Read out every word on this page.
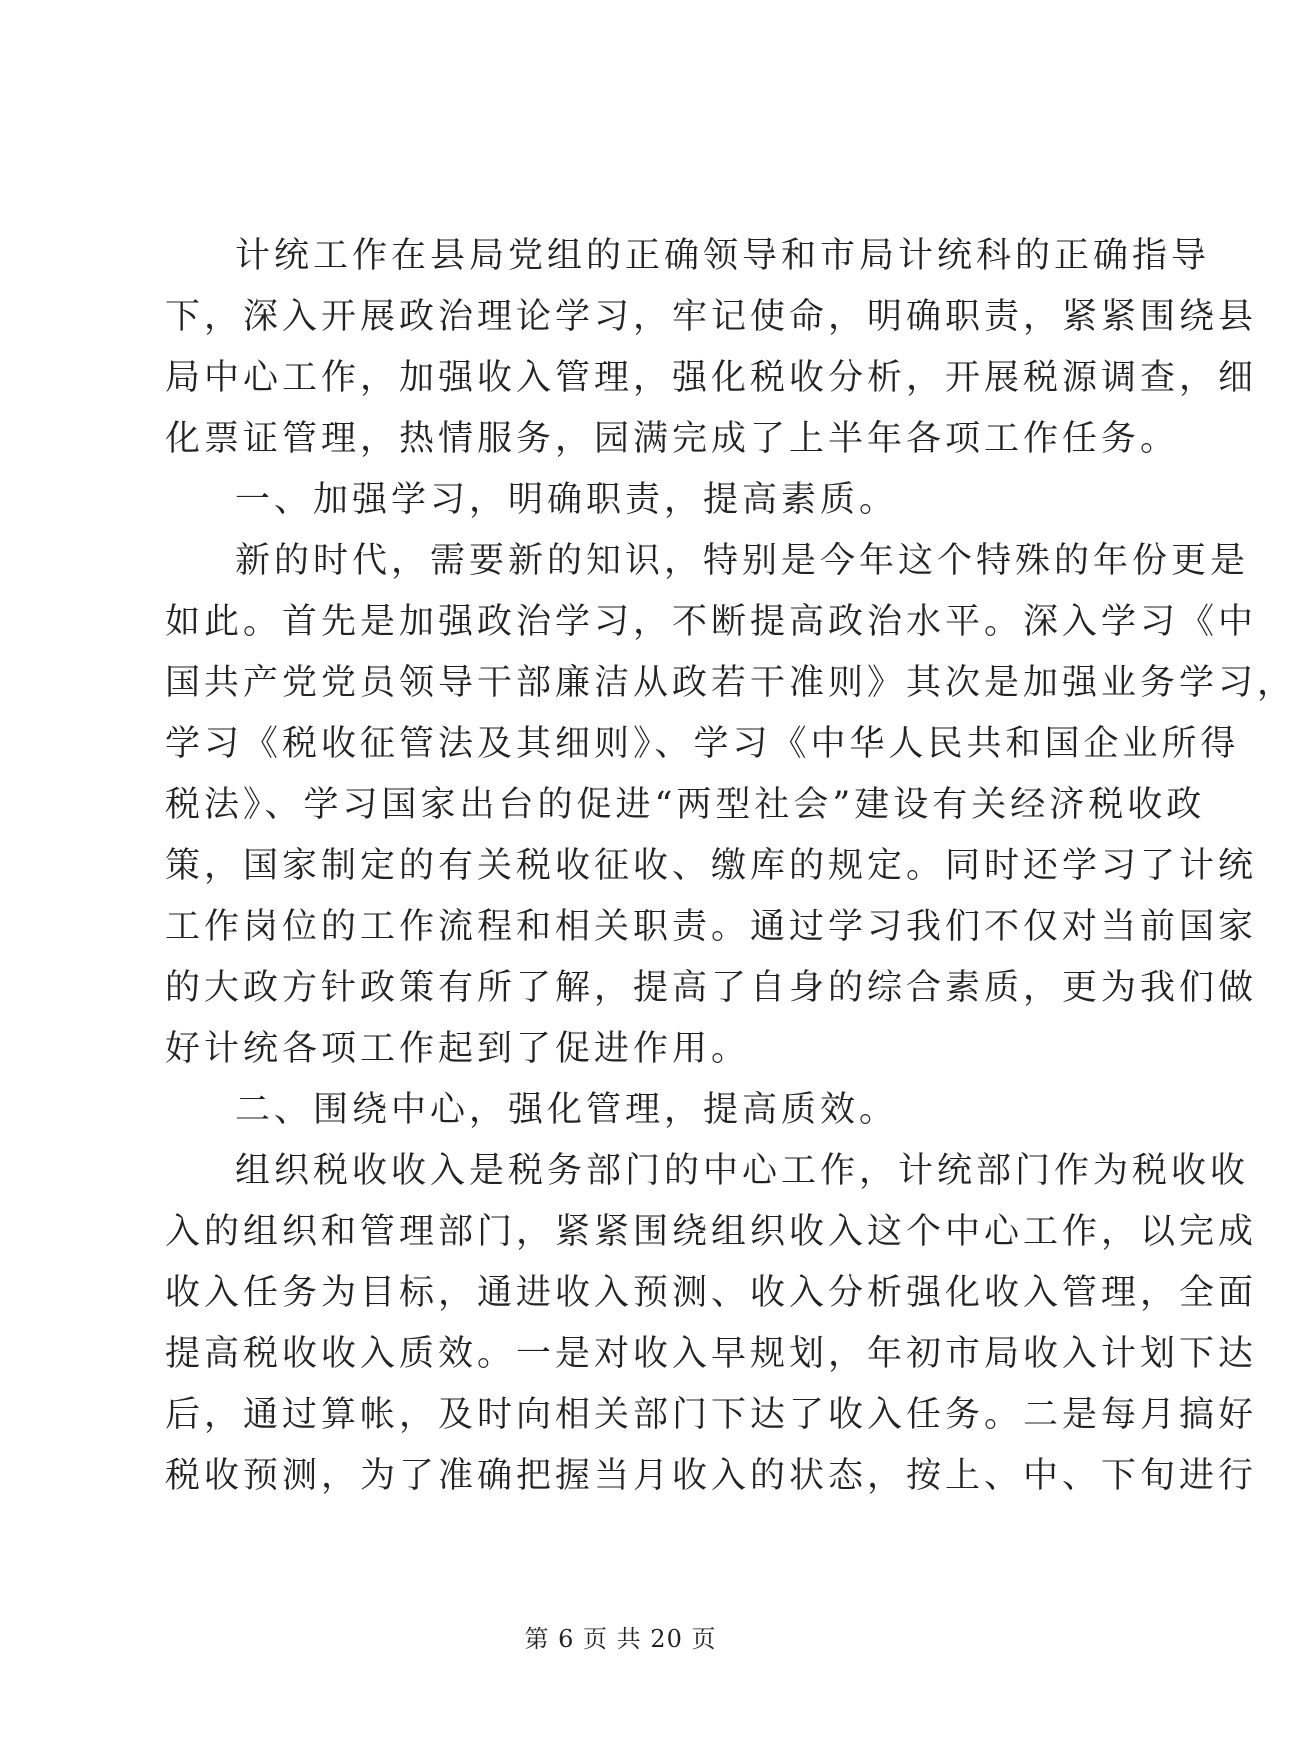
计统工作在县局党组的正确领导和市局计统科的正确指导
下，深入开展政治理论学习，牢记使命，明确职责，紧紧围绕县
局中心工作，加强收入管理，强化税收分析，开展税源调查，细
化票证管理，热情服务，园满完成了上半年各项工作任务。
一、加强学习，明确职责，提高素质。
新的时代，需要新的知识，特别是今年这个特殊的年份更是
如此。首先是加强政治学习，不断提高政治水平。深入学习《中
国共产党党员领导干部廉洁从政若干准则》其次是加强业务学习，
学习《税收征管法及其细则》、学习《中华人民共和国企业所得
税法》、学习国家出台的促进“两型社会”建设有关经济税收政
策，国家制定的有关税收征收、缴库的规定。同时还学习了计统
工作岗位的工作流程和相关职责。通过学习我们不仅对当前国家
的大政方针政策有所了解，提高了自身的综合素质，更为我们做
好计统各项工作起到了促进作用。
二、围绕中心，强化管理，提高质效。
组织税收收入是税务部门的中心工作，计统部门作为税收收
入的组织和管理部门，紧紧围绕组织收入这个中心工作，以完成
收入任务为目标，通进收入预测、收入分析强化收入管理，全面
提高税收收入质效。一是对收入早规划，年初市局收入计划下达
后，通过算帐，及时向相关部门下达了收入任务。二是每月搞好
税收预测，为了准确把握当月收入的状态，按上、中、下旬进行
第 6 页 共 20 页
